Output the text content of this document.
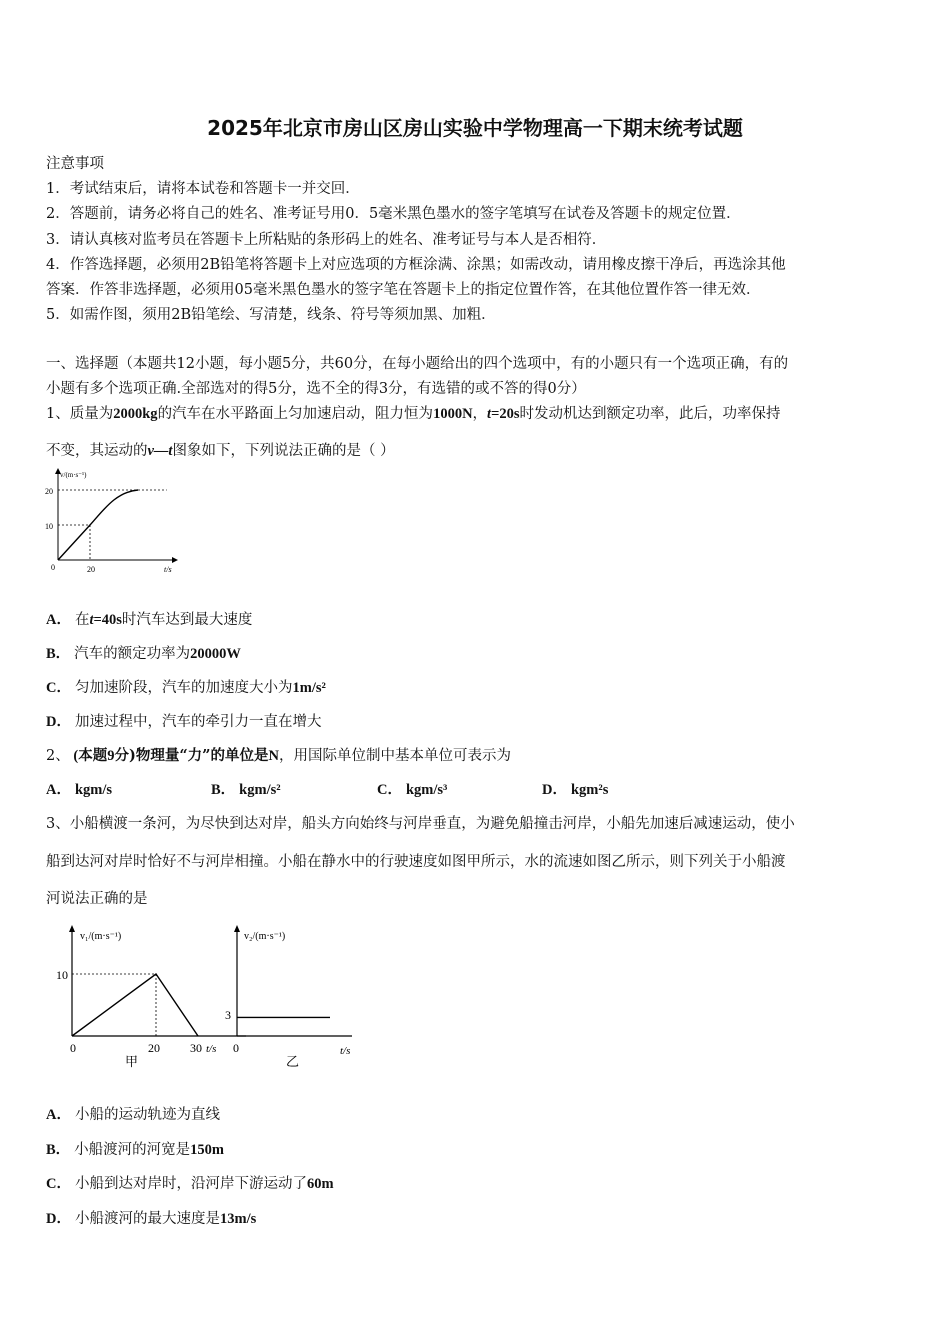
2025年北京市房山区房山实验中学物理高一下期末统考试题
注意事项
1．考试结束后，请将本试卷和答题卡一并交回．
2．答题前，请务必将自己的姓名、准考证号用0．5毫米黑色墨水的签字笔填写在试卷及答题卡的规定位置．
3．请认真核对监考员在答题卡上所粘贴的条形码上的姓名、准考证号与本人是否相符．
4．作答选择题，必须用2B铅笔将答题卡上对应选项的方框涂满、涂黑；如需改动，请用橡皮擦干净后，再选涂其他
答案．作答非选择题，必须用05毫米黑色墨水的签字笔在答题卡上的指定位置作答，在其他位置作答一律无效．
5．如需作图，须用2B铅笔绘、写清楚，线条、符号等须加黑、加粗．
一、选择题（本题共12小题，每小题5分，共60分，在每小题给出的四个选项中，有的小题只有一个选项正确，有的
小题有多个选项正确.全部选对的得5分，选不全的得3分，有选错的或不答的得0分）
1、质量为2000kg的汽车在水平路面上匀加速启动，阻力恒为1000N，t=20s时发动机达到额定功率，此后，功率保持
不变，其运动的v—t图象如下，下列说法正确的是（ ）
v/(m·s⁻¹)
20
10
0	20	t/s
A． 在t=40s时汽车达到最大速度
B． 汽车的额定功率为20000W
C． 匀加速阶段，汽车的加速度大小为1m/s²
D． 加速过程中，汽车的牵引力一直在增大
2、 (本题9分)物理量“力”的单位是N，用国际单位制中基本单位可表示为
A． kgm/s	B． kgm/s²	C． kgm/s³	D． kgm²s
3、小船横渡一条河，为尽快到达对岸，船头方向始终与河岸垂直，为避免船撞击河岸，小船先加速后减速运动，使小
船到达河对岸时恰好不与河岸相撞。小船在静水中的行驶速度如图甲所示，水的流速如图乙所示，则下列关于小船渡
河说法正确的是
v₁/(m·s⁻¹)
10
0	20	30 t/s
甲
v₂/(m·s⁻¹)
3
0	t/s
乙
A． 小船的运动轨迹为直线
B． 小船渡河的河宽是150m
C． 小船到达对岸时，沿河岸下游运动了60m
D． 小船渡河的最大速度是13m/s
